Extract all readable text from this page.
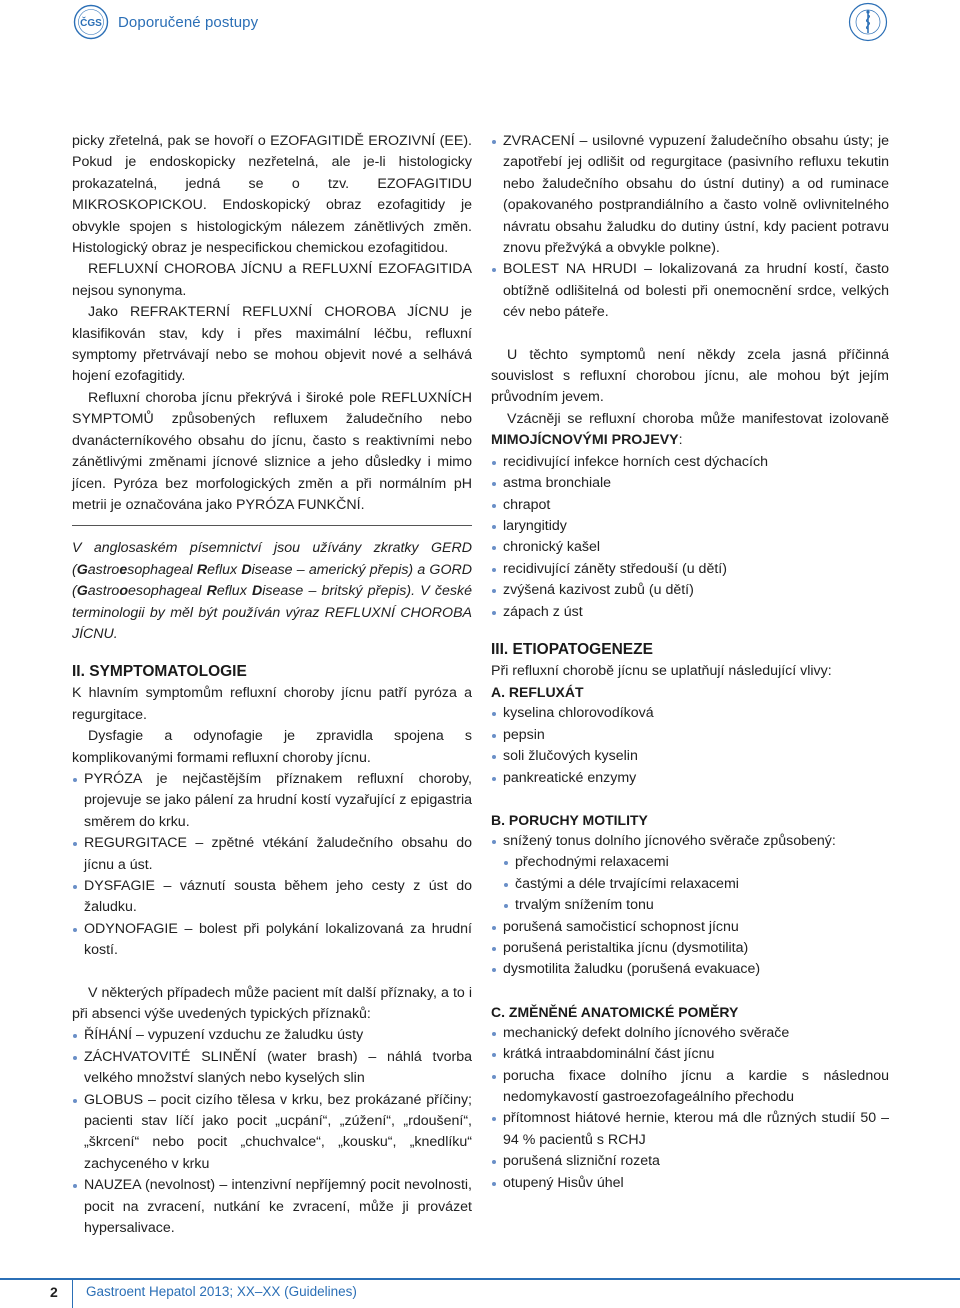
ČGS Doporučené postupy

picky zřetelná, pak se hovoří o EZOFAGITIDĚ EROZIVNÍ (EE). Pokud je endoskopicky nezřetelná, ale je-li histologicky prokazatelná, jedná se o tzv. EZOFAGITIDU MIKROSKOPICKOU. Endoskopický obraz ezofagitidy je obvykle spojen s histologickým nálezem zánětlivých změn. Histologický obraz je nespecifickou chemickou ezofagitidou.

REFLUXNÍ CHOROBA JÍCNU a REFLUXNÍ EZOFAGITIDA nejsou synonyma.

Jako REFRAKTERNÍ REFLUXNÍ CHOROBA JÍCNU je klasifikován stav, kdy i přes maximální léčbu, refluxní symptomy přetrvávají nebo se mohou objevit nové a selhává hojení ezofagitidy.

Refluxní choroba jícnu překrývá i široké pole REFLUXNÍCH SYMPTOMŮ způsobených refluxem žaludečního nebo dvanácterníkového obsahu do jícnu, často s reaktivními nebo zánětlivými změnami jícnové sliznice a jeho důsledky i mimo jícen. Pyróza bez morfologických změn a při normálním pH metrii je označována jako PYRÓZA FUNKČNÍ.

V anglosaském písemnictví jsou užívány zkratky GERD (Gastroesophageal Reflux Disease – americký přepis) a GORD (Gastrooesophageal Reflux Disease – britský přepis). V české terminologii by měl být používán výraz REFLUXNÍ CHOROBA JÍCNU.

II. SYMPTOMATOLOGIE

K hlavním symptomům refluxní choroby jícnu patří pyróza a regurgitace.

Dysfagie a odynofagie je zpravidla spojena s komplikovanými formami refluxní choroby jícnu.

PYRÓZA je nejčastějším příznakem refluxní choroby, projevuje se jako pálení za hrudní kostí vyzařující z epigastria směrem do krku.
REGURGITACE – zpětné vtékání žaludečního obsahu do jícnu a úst.
DYSFAGIE – váznutí sousta během jeho cesty z úst do žaludku.
ODYNOFAGIE – bolest při polykání lokalizovaná za hrudní kostí.

V některých případech může pacient mít další příznaky, a to i při absenci výše uvedených typických příznaků:

ŘÍHÁNÍ – vypuzení vzduchu ze žaludku ústy
ZÁCHVATOVITÉ SLINĚNÍ (water brash) – náhlá tvorba velkého množství slaných nebo kyselých slin
GLOBUS – pocit cizího tělesa v krku, bez prokázané příčiny; pacienti stav líčí jako pocit „ucpání“, „zúžení“, „rdoušení“, „škrcení“ nebo pocit „chuchvalce“, „kousku“, „knedlíku“ zachyceného v krku
NAUZEA (nevolnost) – intenzivní nepříjemný pocit nevolnosti, pocit na zvracení, nutkání ke zvracení, může ji provázet hypersalivace.
ZVRACENÍ – usilovné vypuzení žaludečního obsahu ústy; je zapotřebí jej odlišit od regurgitace (pasivního refluxu tekutin nebo žaludečního obsahu do ústní dutiny) a od ruminace (opakovaného postprandiálního a často volně ovlivnitelného návratu obsahu žaludku do dutiny ústní, kdy pacient potravu znovu přežvýká a obvykle polkne).
BOLEST NA HRUDI – lokalizovaná za hrudní kostí, často obtížně odlišitelná od bolesti při onemocnění srdce, velkých cév nebo páteře.

U těchto symptomů není někdy zcela jasná příčinná souvislost s refluxní chorobou jícnu, ale mohou být jejím průvodním jevem.

Vzácněji se refluxní choroba může manifestovat izolovaně MIMOJÍCNOVÝMI PROJEVY:

recidivující infekce horních cest dýchacích
astma bronchiale
chrapot
laryngitidy
chronický kašel
recidivující záněty středouší (u dětí)
zvýšená kazivost zubů (u dětí)
zápach z úst
III. ETIOPATOGENEZE

Při refluxní chorobě jícnu se uplatňují následující vlivy:

A. REFLUXÁT
kyselina chlorovodíková
pepsin
soli žlučových kyselin
pankreatické enzymy
B. PORUCHY MOTILITY
snížený tonus dolního jícnového svěrače způsobený:
přechodnými relaxacemi
častými a déle trvajícími relaxacemi
trvalým snížením tonu
porušená samočisticí schopnost jícnu
porušená peristaltika jícnu (dysmotilita)
dysmotilita žaludku (porušená evakuace)
C. ZMĚNĚNÉ ANATOMICKÉ POMĚRY
mechanický defekt dolního jícnového svěrače
krátká intraabdominální část jícnu
porucha fixace dolního jícnu a kardie s následnou nedomykavostí gastroezofageálního přechodu
přítomnost hiátové hernie, kterou má dle různých studií 50 – 94 % pacientů s RCHJ
porušená slizniční rozeta
otupený Hisův úhel
2 Gastroent Hepatol 2013; XX–XX (Guidelines)
